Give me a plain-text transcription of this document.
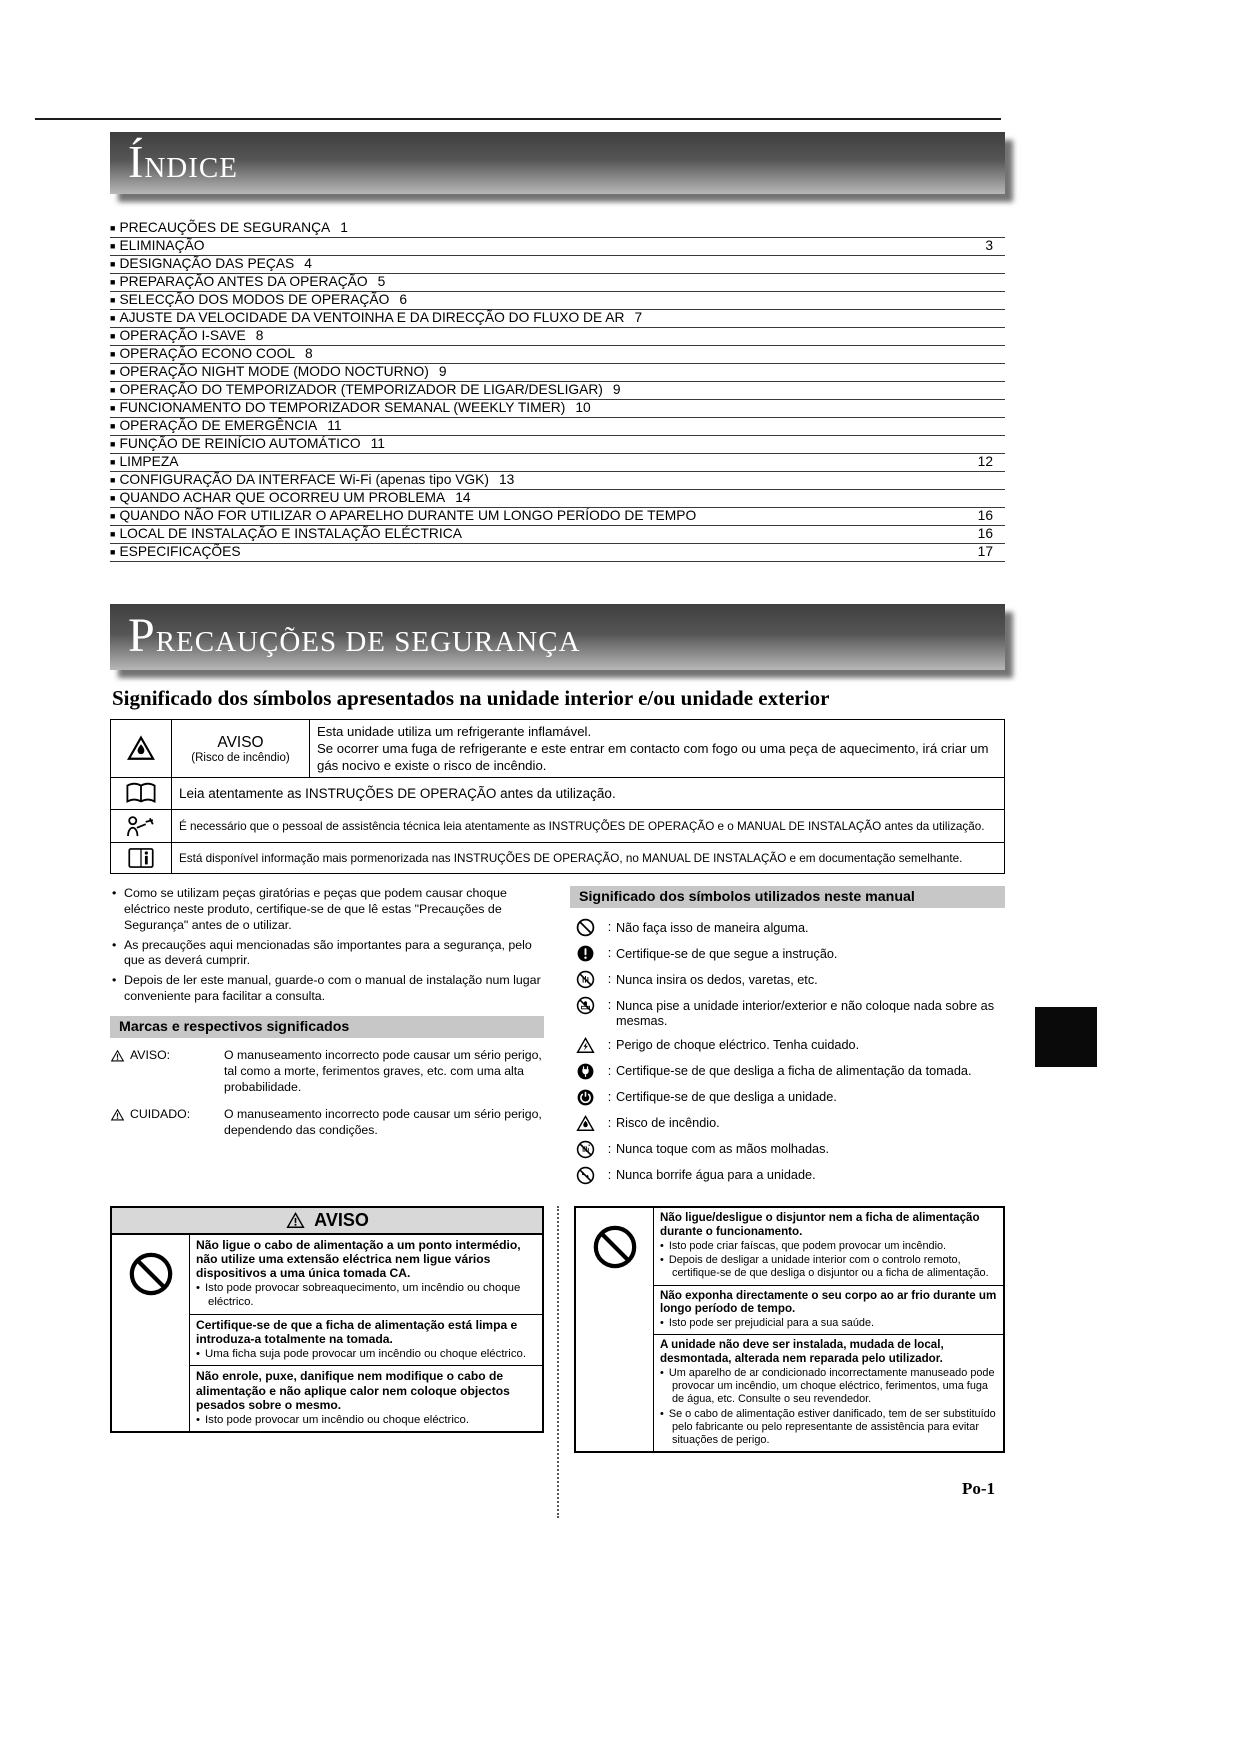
ÍNDICE
■ PRECAUÇÕES DE SEGURANÇA 1
■ ELIMINAÇÃO	3
■ DESIGNAÇÃO DAS PEÇAS 4
■ PREPARAÇÃO ANTES DA OPERAÇÃO 5
■ SELECÇÃO DOS MODOS DE OPERAÇÃO 6
■ AJUSTE DA VELOCIDADE DA VENTOINHA E DA DIRECÇÃO DO FLUXO DE AR 7
■ OPERAÇÃO I-SAVE 8
■ OPERAÇÃO ECONO COOL 8
■ OPERAÇÃO NIGHT MODE (MODO NOCTURNO) 9
■ OPERAÇÃO DO TEMPORIZADOR (TEMPORIZADOR DE LIGAR/DESLIGAR) 9
■ FUNCIONAMENTO DO TEMPORIZADOR SEMANAL (WEEKLY TIMER) 10
■ OPERAÇÃO DE EMERGÊNCIA 11
■ FUNÇÃO DE REINÍCIO AUTOMÁTICO 11
■ LIMPEZA	12
■ CONFIGURAÇÃO DA INTERFACE Wi-Fi (apenas tipo VGK) 13
■ QUANDO ACHAR QUE OCORREU UM PROBLEMA 14
■ QUANDO NÃO FOR UTILIZAR O APARELHO DURANTE UM LONGO PERÍODO DE TEMPO	16
■ LOCAL DE INSTALAÇÃO E INSTALAÇÃO ELÉCTRICA	16
■ ESPECIFICAÇÕES	17
PRECAUÇÕES DE SEGURANÇA
Significado dos símbolos apresentados na unidade interior e/ou unidade exterior

AVISO
(Risco de incêndio)

Esta unidade utiliza um refrigerante inflamável.
Se ocorrer uma fuga de refrigerante e este entrar em contacto com fogo ou uma peça de aquecimento, irá criar um gás nocivo e existe o risco de incêndio.

	Leia atentamente as INSTRUÇÕES DE OPERAÇÃO antes da utilização.	

	É necessário que o pessoal de assistência técnica leia atentamente as INSTRUÇÕES DE OPERAÇÃO e o MANUAL DE INSTALAÇÃO antes da utilização.	

	Está disponível informação mais pormenorizada nas INSTRUÇÕES DE OPERAÇÃO, no MANUAL DE INSTALAÇÃO e em documentação semelhante.	
• Como se utilizam peças giratórias e peças que podem causar choque eléctrico neste produto, certifique-se de que lê estas "Precauções de Segurança" antes de o utilizar.
• As precauções aqui mencionadas são importantes para a segurança, pelo que as deverá cumprir.
• Depois de ler este manual, guarde-o com o manual de instalação num lugar conveniente para facilitar a consulta.
Marcas e respectivos significados
AVISO:	O manuseamento incorrecto pode causar um sério perigo, tal como a morte, ferimentos graves, etc. com uma alta probabilidade.
CUIDADO:	O manuseamento incorrecto pode causar um sério perigo, dependendo das condições.
Significado dos símbolos utilizados neste manual
: Não faça isso de maneira alguma.
: Certifique-se de que segue a instrução.
: Nunca insira os dedos, varetas, etc.
: Nunca pise a unidade interior/exterior e não coloque nada sobre as mesmas.
: Perigo de choque eléctrico. Tenha cuidado.
: Certifique-se de que desliga a ficha de alimentação da tomada.
: Certifique-se de que desliga a unidade.
: Risco de incêndio.
: Nunca toque com as mãos molhadas.
: Nunca borrife água para a unidade.
AVISO
Não ligue o cabo de alimentação a um ponto intermédio, não utilize uma extensão eléctrica nem ligue vários dispositivos a uma única tomada CA.
• Isto pode provocar sobreaquecimento, um incêndio ou choque eléctrico.
Certifique-se de que a ficha de alimentação está limpa e introduza-a totalmente na tomada.
• Uma ficha suja pode provocar um incêndio ou choque eléctrico.
Não enrole, puxe, danifique nem modifique o cabo de alimentação e não aplique calor nem coloque objectos pesados sobre o mesmo.
• Isto pode provocar um incêndio ou choque eléctrico.
Não ligue/desligue o disjuntor nem a ficha de alimentação durante o funcionamento.
• Isto pode criar faíscas, que podem provocar um incêndio.
• Depois de desligar a unidade interior com o controlo remoto, certifique-se de que desliga o disjuntor ou a ficha de alimentação.
Não exponha directamente o seu corpo ao ar frio durante um longo período de tempo.
• Isto pode ser prejudicial para a sua saúde.
A unidade não deve ser instalada, mudada de local, desmontada, alterada nem reparada pelo utilizador.
• Um aparelho de ar condicionado incorrectamente manuseado pode provocar um incêndio, um choque eléctrico, ferimentos, uma fuga de água, etc. Consulte o seu revendedor.
• Se o cabo de alimentação estiver danificado, tem de ser substituído pelo fabricante ou pelo representante de assistência para evitar situações de perigo.
Po-1
